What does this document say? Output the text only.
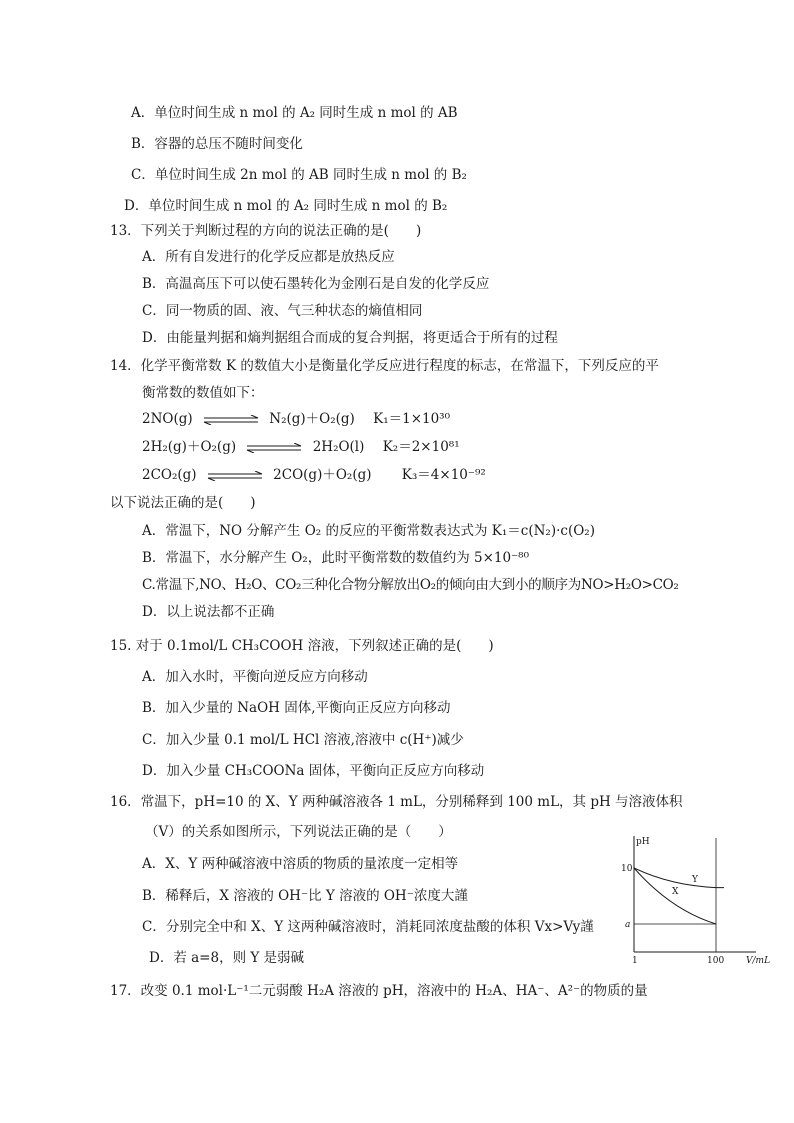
A．单位时间生成 n mol 的 A₂ 同时生成 n mol 的 AB
B．容器的总压不随时间变化
C．单位时间生成 2n mol 的 AB 同时生成 n mol 的 B₂
D．单位时间生成 n mol 的 A₂ 同时生成 n mol 的 B₂
13．下列关于判断过程的方向的说法正确的是(　　)
A．所有自发进行的化学反应都是放热反应
B．高温高压下可以使石墨转化为金刚石是自发的化学反应
C．同一物质的固、液、气三种状态的熵值相同
D．由能量判据和熵判据组合而成的复合判据，将更适合于所有的过程
14．化学平衡常数 K 的数值大小是衡量化学反应进行程度的标志，在常温下，下列反应的平
衡常数的数值如下：
2NO(g)	N₂(g)＋O₂(g) K₁＝1×10³⁰
2H₂(g)＋O₂(g)	2H₂O(l) K₂＝2×10⁸¹
2CO₂(g)	2CO(g)＋O₂(g) K₃＝4×10⁻⁹²
以下说法正确的是(　　)
A．常温下，NO 分解产生 O₂ 的反应的平衡常数表达式为 K₁＝c(N₂)·c(O₂)
B．常温下，水分解产生 O₂，此时平衡常数的数值约为 5×10⁻⁸⁰
C.常温下,NO、H₂O、CO₂三种化合物分解放出O₂的倾向由大到小的顺序为NO>H₂O>CO₂
D．以上说法都不正确
15. 对于 0.1mol/L CH₃COOH 溶液，下列叙述正确的是(　　)
A．加入水时，平衡向逆反应方向移动
B．加入少量的 NaOH 固体,平衡向正反应方向移动
C．加入少量 0.1 mol/L HCl 溶液,溶液中 c(H⁺)减少
D．加入少量 CH₃COONa 固体，平衡向正反应方向移动
16．常温下，pH=10 的 X、Y 两种碱溶液各 1 mL，分别稀释到 100 mL，其 pH 与溶液体积
（V）的关系如图所示，下列说法正确的是（　　）
A．X、Y 两种碱溶液中溶质的物质的量浓度一定相等
B．稀释后，X 溶液的 OH⁻比 Y 溶液的 OH⁻浓度大謹
C．分别完全中和 X、Y 这两种碱溶液时，消耗同浓度盐酸的体积 Vx>Vy謹
D．若 a=8，则 Y 是弱碱
pH
V/mL
10
a
1	100
Y
X
17．改变 0.1 mol·L⁻¹二元弱酸 H₂A 溶液的 pH，溶液中的 H₂A、HA⁻、A²⁻的物质的量
